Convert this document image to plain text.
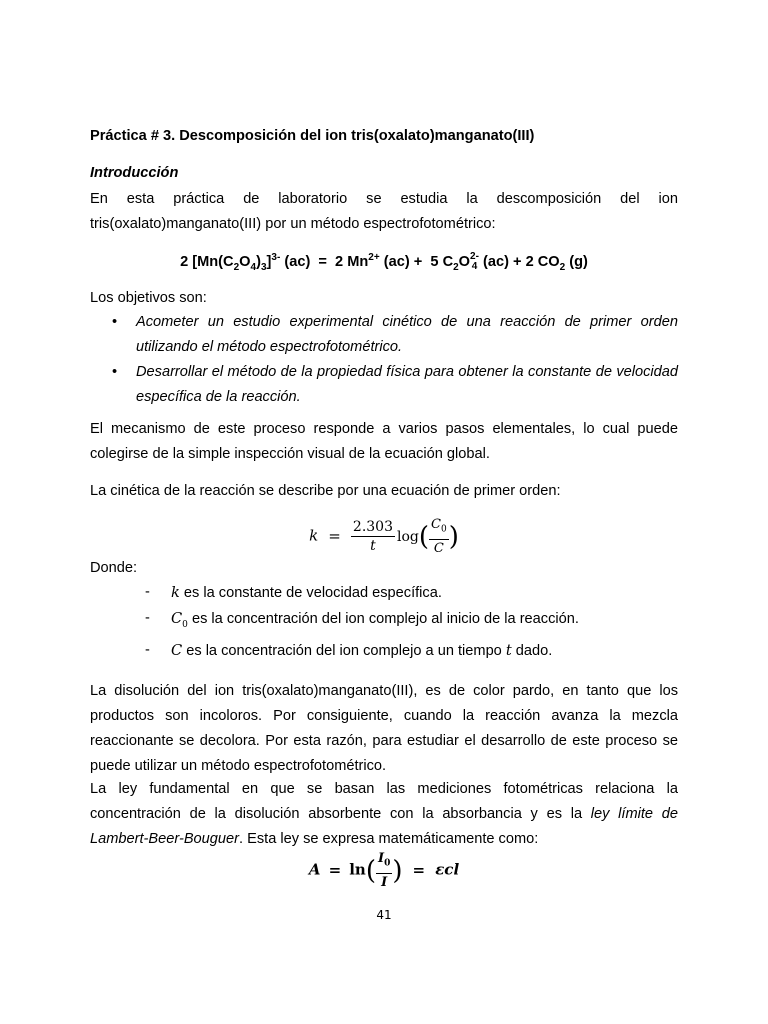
Práctica # 3. Descomposición del ion tris(oxalato)manganato(III)
Introducción
En esta práctica de laboratorio se estudia la descomposición del ion
tris(oxalato)manganato(III) por un método espectrofotométrico:
2 $[Mn(C_2O_4)_3]^{3-}$ (ac)  =  2 $Mn^{2+}$ (ac) +  5 $C_2O$ 2-
4 (ac) + 2 $CO_2$ (g)
Los objetivos son:
• Acometer un estudio experimental cinético de una reacción de primer orden utilizando el método espectrofotométrico.
• Desarrollar el método de la propiedad física para obtener la constante de velocidad específica de la reacción.
El mecanismo de este proceso responde a varios pasos elementales, lo cual puede colegirse de la simple inspección visual de la ecuación global.
La cinética de la reacción se describe por una ecuación de primer orden:
$k = \frac{2.303}{t} \log( \frac{C_0}{C}$ )
Donde:
- k es la constante de velocidad específica.
- $C_0$ es la concentración del ion complejo al inicio de la reacción.
- C es la concentración del ion complejo a un tiempo t dado.
La disolución del ion tris(oxalato)manganato(III), es de color pardo, en tanto que los productos son incoloros. Por consiguiente, cuando la reacción avanza la mezcla reaccionante se decolora. Por esta razón, para estudiar el desarrollo de este proceso se puede utilizar un método espectrofotométrico.
La ley fundamental en que se basan las mediciones fotométricas relaciona la concentración de la disolución absorbente con la absorbancia y es la ley límite de Lambert-Beer-Bouguer. Esta ley se expresa matemáticamente como:
$A = \ln( \frac{I_0}{I}$ ) = εcl
41
